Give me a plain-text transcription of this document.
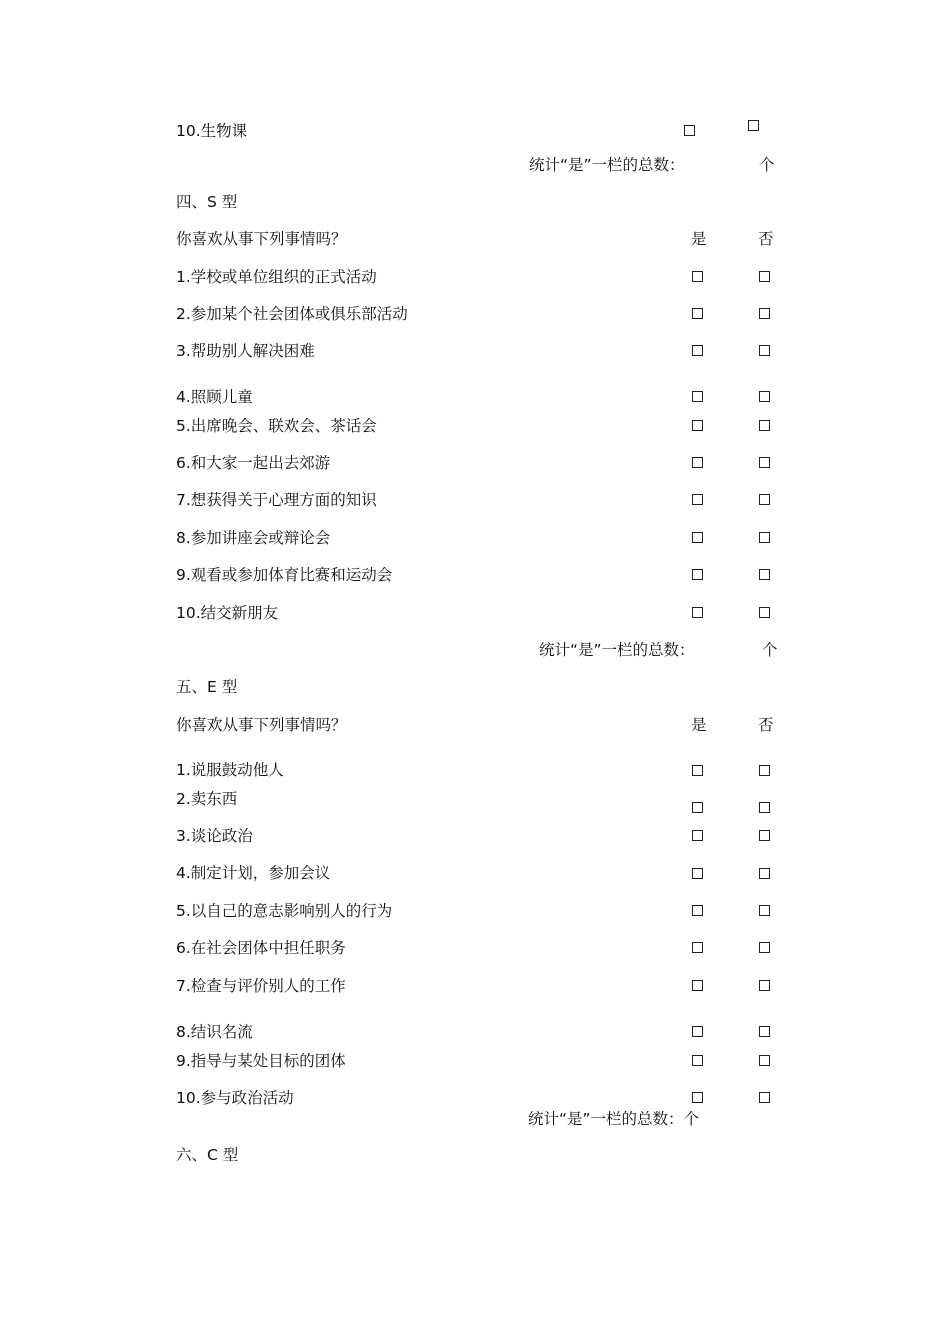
10.生物课
统计“是”一栏的总数：	个
四、S 型
你喜欢从事下列事情吗？	是	否
1.学校或单位组织的正式活动
2.参加某个社会团体或俱乐部活动
3.帮助别人解决困难
4.照顾儿童
5.出席晚会、联欢会、茶话会
6.和大家一起出去郊游
7.想获得关于心理方面的知识
8.参加讲座会或辩论会
9.观看或参加体育比赛和运动会
10.结交新朋友
统计“是”一栏的总数：	个
五、E 型
你喜欢从事下列事情吗？	是	否
1.说服鼓动他人
2.卖东西
3.谈论政治
4.制定计划，参加会议
5.以自己的意志影响别人的行为
6.在社会团体中担任职务
7.检查与评价别人的工作
8.结识名流
9.指导与某处目标的团体
10.参与政治活动
统计“是”一栏的总数：个
六、C 型
